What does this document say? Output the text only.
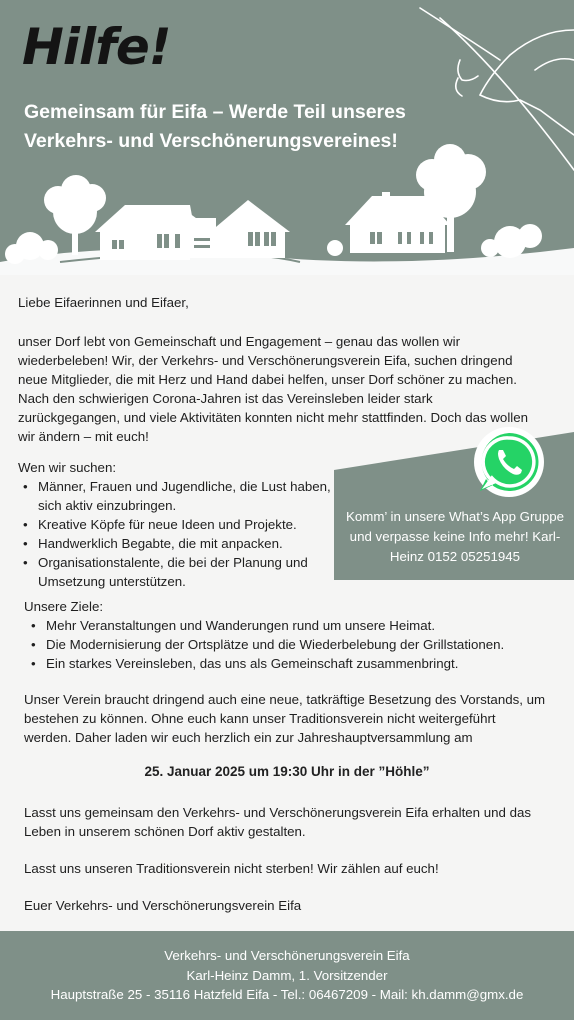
Hilfe!
Gemeinsam für Eifa – Werde Teil unseres Verkehrs- und Verschönerungsvereines!

Liebe Eifaerinnen und Eifaer,

unser Dorf lebt von Gemeinschaft und Engagement – genau das wollen wir wiederbeleben! Wir, der Verkehrs- und Verschönerungsverein Eifa, suchen dringend neue Mitglieder, die mit Herz und Hand dabei helfen, unser Dorf schöner zu machen. Nach den schwierigen Corona-Jahren ist das Vereinsleben leider stark zurückgegangen, und viele Aktivitäten konnten nicht mehr stattfinden. Doch das wollen wir ändern – mit euch!

Wen wir suchen:

• Männer, Frauen und Jugendliche, die Lust haben, sich aktiv einzubringen.
• Kreative Köpfe für neue Ideen und Projekte.
• Handwerklich Begabte, die mit anpacken.
• Organisationstalente, die bei der Planung und Umsetzung unterstützen.

Komm’ in unsere What’s App Gruppe und verpasse keine Info mehr! Karl-Heinz 0152 05251945

Unsere Ziele:

• Mehr Veranstaltungen und Wanderungen rund um unsere Heimat.
• Die Modernisierung der Ortsplätze und die Wiederbelebung der Grillstationen.
• Ein starkes Vereinsleben, das uns als Gemeinschaft zusammenbringt.

Unser Verein braucht dringend auch eine neue, tatkräftige Besetzung des Vorstands, um bestehen zu können. Ohne euch kann unser Traditionsverein nicht weitergeführt werden. Daher laden wir euch herzlich ein zur Jahreshauptversammlung am

25. Januar 2025 um 19:30 Uhr in der ”Höhle”

Lasst uns gemeinsam den Verkehrs- und Verschönerungsverein Eifa erhalten und das Leben in unserem schönen Dorf aktiv gestalten.

Lasst uns unseren Traditionsverein nicht sterben! Wir zählen auf euch!

Euer Verkehrs- und Verschönerungsverein Eifa

Verkehrs- und Verschönerungsverein Eifa

Karl-Heinz Damm, 1. Vorsitzender

Hauptstraße 25 - 35116 Hatzfeld Eifa - Tel.: 06467209 - Mail: kh.damm@gmx.de
